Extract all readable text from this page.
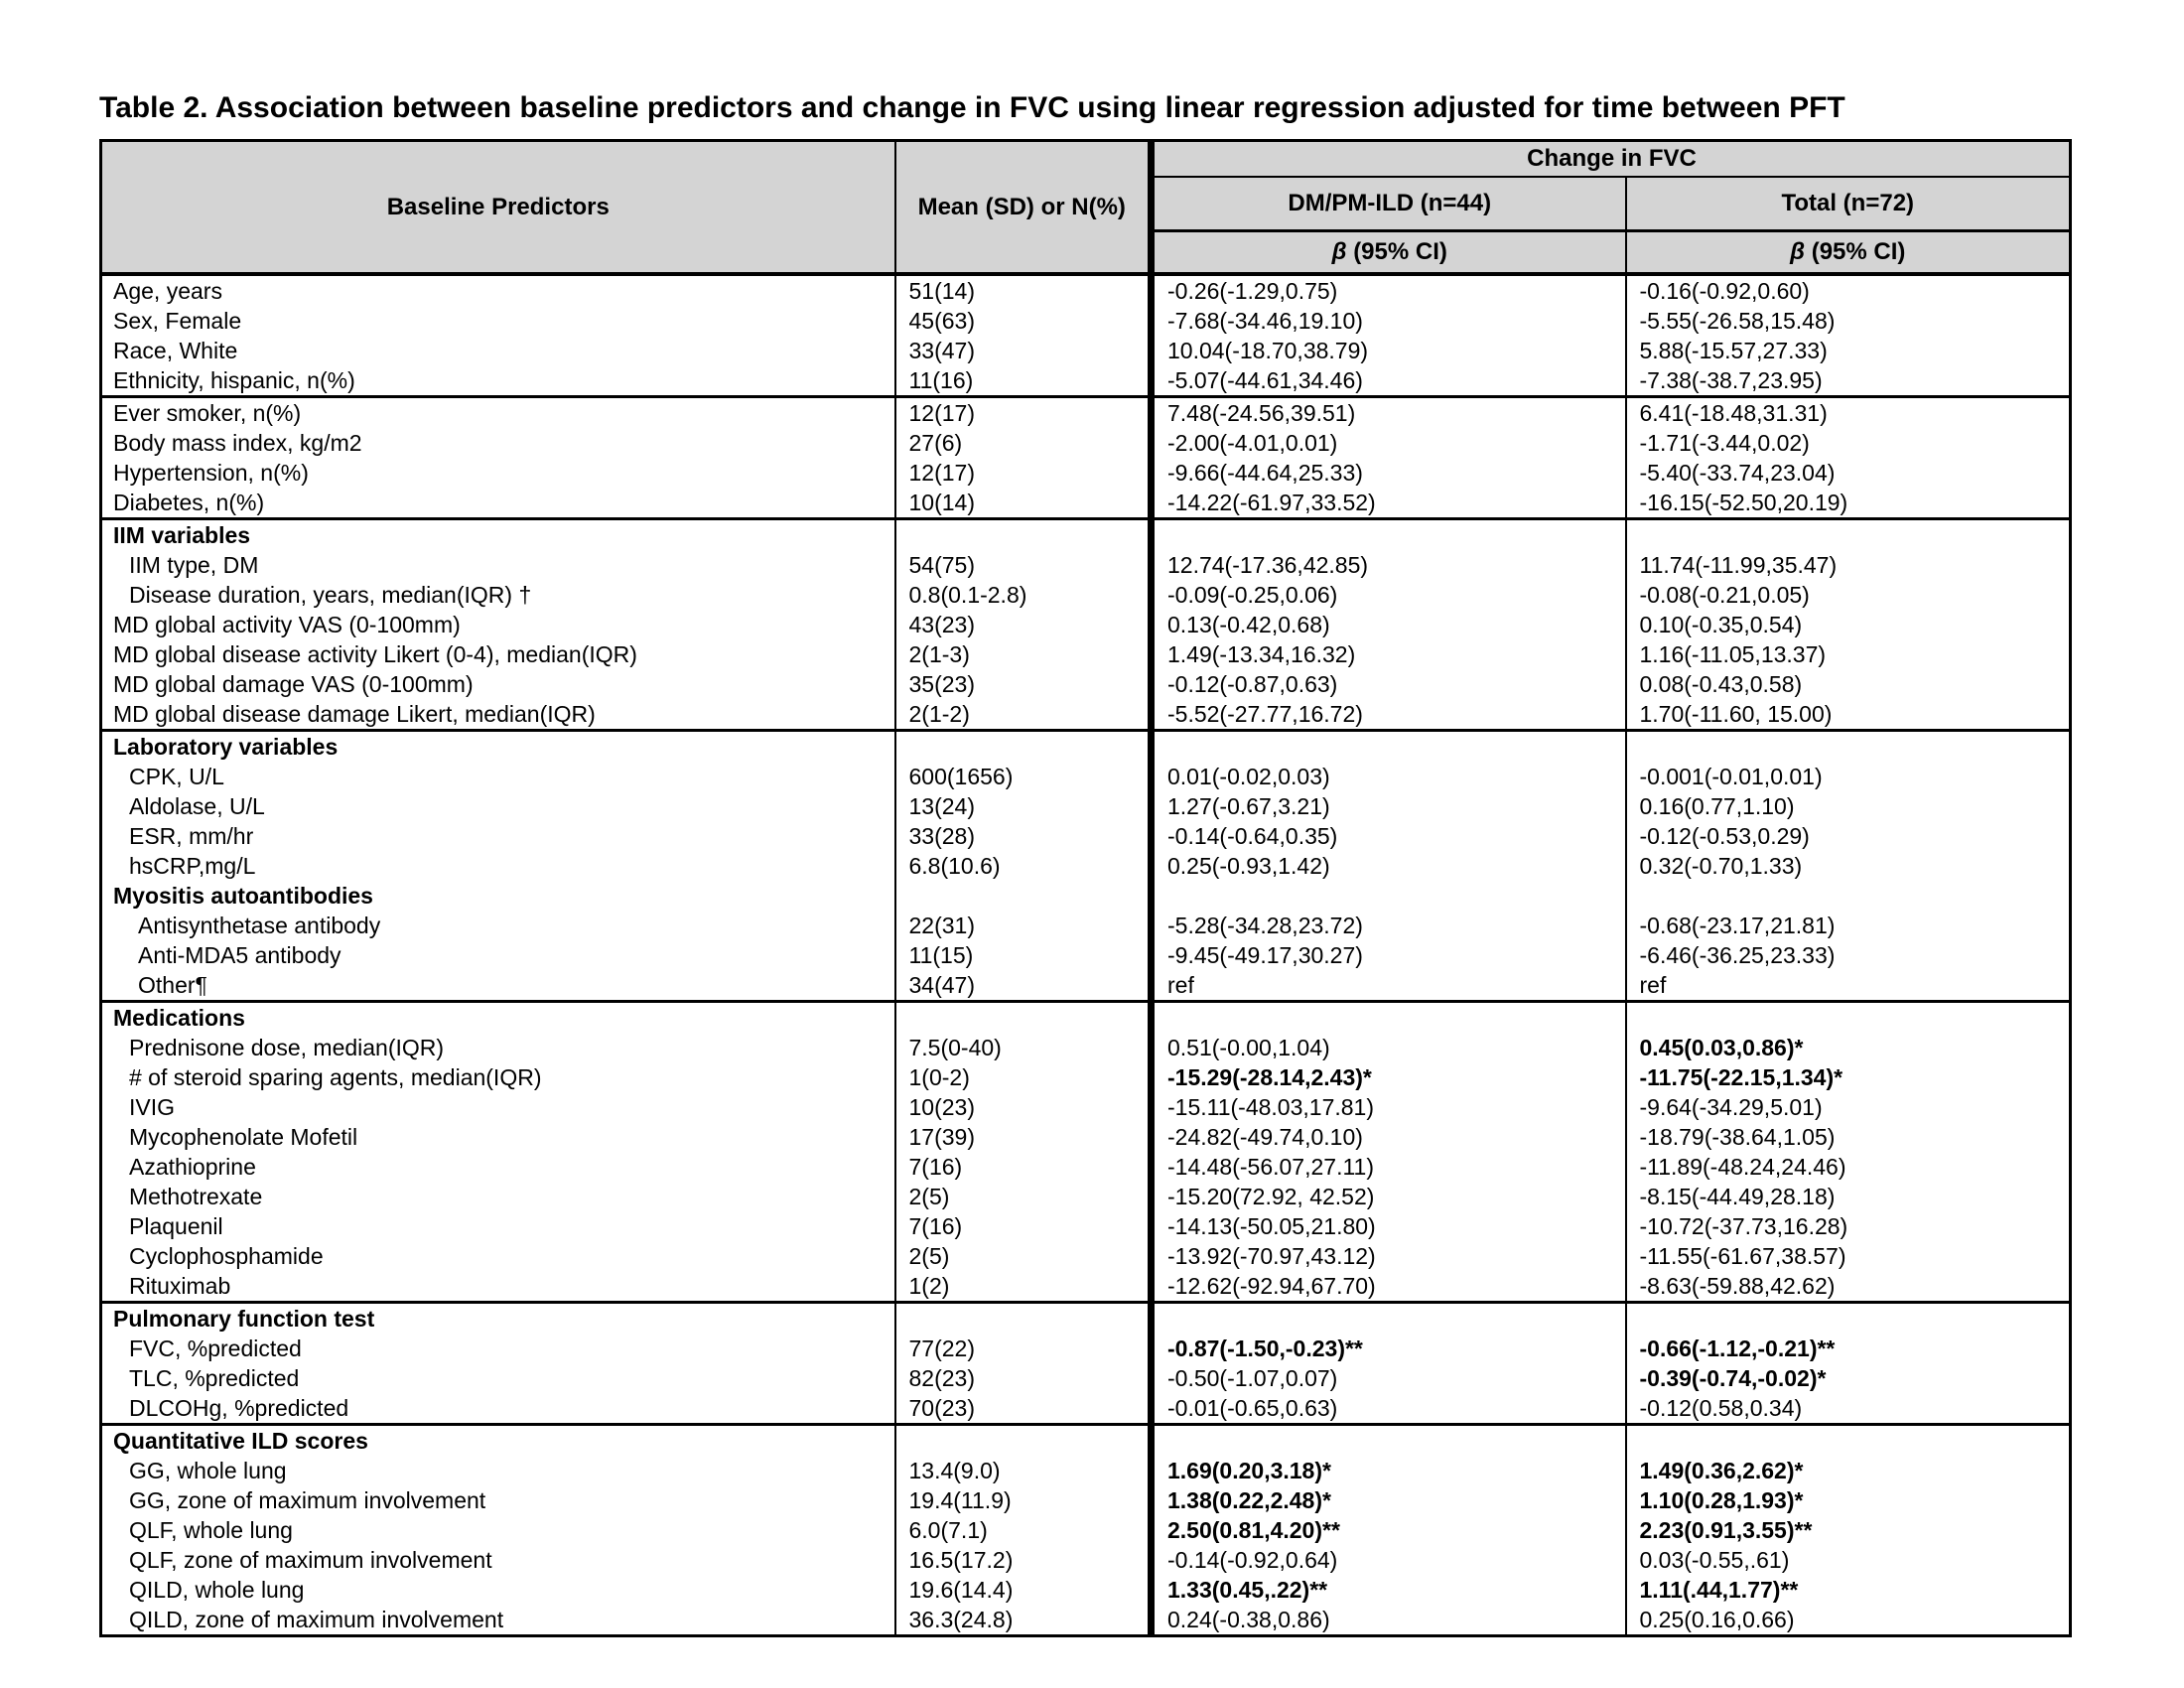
Table 2. Association between baseline predictors and change in FVC using linear regression adjusted for time between PFT
Baseline Predictors	Mean (SD) or N(%)	Change in FVC	
		DM/PM-ILD (n=44)	Total (n=72)
		β (95% CI)	β (95% CI)
Age, years	51(14)	-0.26(-1.29,0.75)	-0.16(-0.92,0.60)
Sex, Female	45(63)	-7.68(-34.46,19.10)	-5.55(-26.58,15.48)
Race, White	33(47)	10.04(-18.70,38.79)	5.88(-15.57,27.33)
Ethnicity, hispanic, n(%)	11(16)	-5.07(-44.61,34.46)	-7.38(-38.7,23.95)
Ever smoker, n(%)	12(17)	7.48(-24.56,39.51)	6.41(-18.48,31.31)
Body mass index, kg/m2	27(6)	-2.00(-4.01,0.01)	-1.71(-3.44,0.02)
Hypertension, n(%)	12(17)	-9.66(-44.64,25.33)	-5.40(-33.74,23.04)
Diabetes, n(%)	10(14)	-14.22(-61.97,33.52)	-16.15(-52.50,20.19)
IIM variables			
IIM type, DM	54(75)	12.74(-17.36,42.85)	11.74(-11.99,35.47)
Disease duration, years, median(IQR) †	0.8(0.1-2.8)	-0.09(-0.25,0.06)	-0.08(-0.21,0.05)
MD global activity VAS (0-100mm)	43(23)	0.13(-0.42,0.68)	0.10(-0.35,0.54)
MD global disease activity Likert (0-4), median(IQR)	2(1-3)	1.49(-13.34,16.32)	1.16(-11.05,13.37)
MD global damage VAS (0-100mm)	35(23)	-0.12(-0.87,0.63)	0.08(-0.43,0.58)
MD global disease damage Likert, median(IQR)	2(1-2)	-5.52(-27.77,16.72)	1.70(-11.60, 15.00)
Laboratory variables			
CPK, U/L	600(1656)	0.01(-0.02,0.03)	-0.001(-0.01,0.01)
Aldolase, U/L	13(24)	1.27(-0.67,3.21)	0.16(0.77,1.10)
ESR, mm/hr	33(28)	-0.14(-0.64,0.35)	-0.12(-0.53,0.29)
hsCRP,mg/L	6.8(10.6)	0.25(-0.93,1.42)	0.32(-0.70,1.33)
Myositis autoantibodies			
Antisynthetase antibody	22(31)	-5.28(-34.28,23.72)	-0.68(-23.17,21.81)
Anti-MDA5 antibody	11(15)	-9.45(-49.17,30.27)	-6.46(-36.25,23.33)
Other¶	34(47)	ref	ref
Medications			
Prednisone dose, median(IQR)	7.5(0-40)	0.51(-0.00,1.04)	0.45(0.03,0.86)*
# of steroid sparing agents, median(IQR)	1(0-2)	-15.29(-28.14,2.43)*	-11.75(-22.15,1.34)*
IVIG	10(23)	-15.11(-48.03,17.81)	-9.64(-34.29,5.01)
Mycophenolate Mofetil	17(39)	-24.82(-49.74,0.10)	-18.79(-38.64,1.05)
Azathioprine	7(16)	-14.48(-56.07,27.11)	-11.89(-48.24,24.46)
Methotrexate	2(5)	-15.20(72.92, 42.52)	-8.15(-44.49,28.18)
Plaquenil	7(16)	-14.13(-50.05,21.80)	-10.72(-37.73,16.28)
Cyclophosphamide	2(5)	-13.92(-70.97,43.12)	-11.55(-61.67,38.57)
Rituximab	1(2)	-12.62(-92.94,67.70)	-8.63(-59.88,42.62)
Pulmonary function test			
FVC, %predicted	77(22)	-0.87(-1.50,-0.23)**	-0.66(-1.12,-0.21)**
TLC, %predicted	82(23)	-0.50(-1.07,0.07)	-0.39(-0.74,-0.02)*
DLCOHg, %predicted	70(23)	-0.01(-0.65,0.63)	-0.12(0.58,0.34)
Quantitative ILD scores			
GG, whole lung	13.4(9.0)	1.69(0.20,3.18)*	1.49(0.36,2.62)*
GG, zone of maximum involvement	19.4(11.9)	1.38(0.22,2.48)*	1.10(0.28,1.93)*
QLF, whole lung	6.0(7.1)	2.50(0.81,4.20)**	2.23(0.91,3.55)**
QLF, zone of maximum involvement	16.5(17.2)	-0.14(-0.92,0.64)	0.03(-0.55,.61)
QILD, whole lung	19.6(14.4)	1.33(0.45,.22)**	1.11(.44,1.77)**
QILD, zone of maximum involvement	36.3(24.8)	0.24(-0.38,0.86)	0.25(0.16,0.66)
